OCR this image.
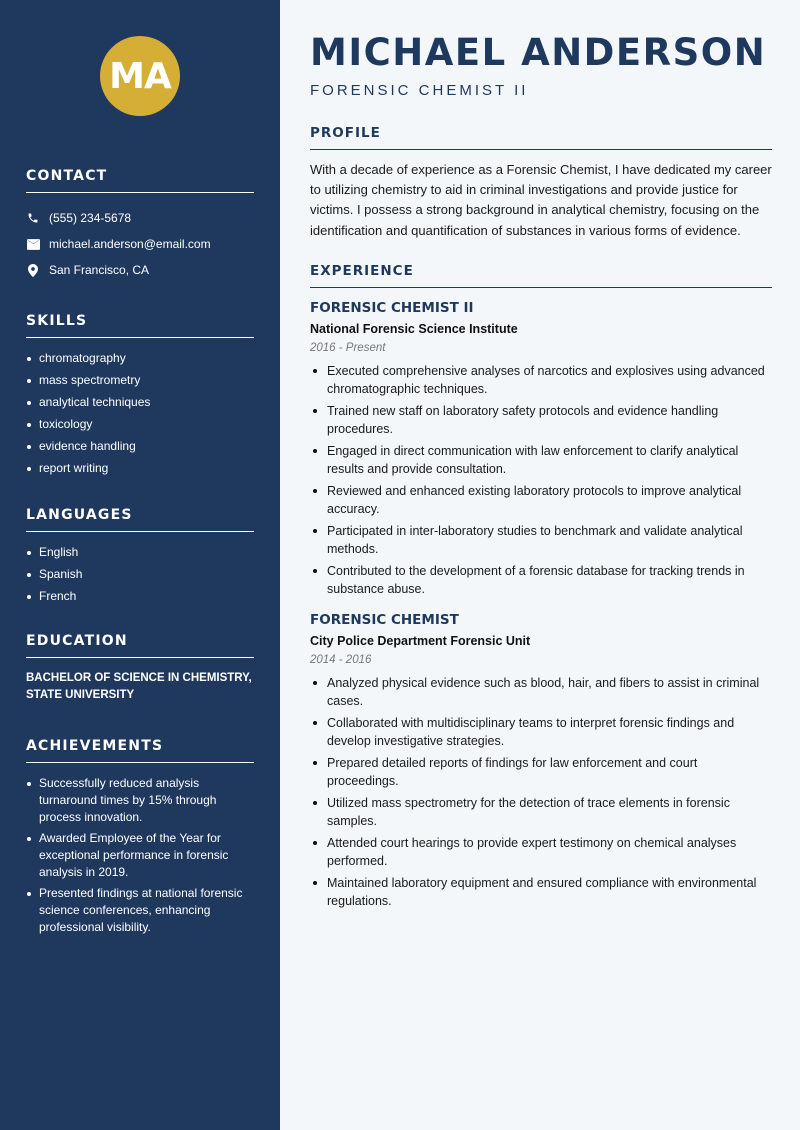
MA
CONTACT
(555) 234-5678
michael.anderson@email.com
San Francisco, CA
SKILLS
chromatography
mass spectrometry
analytical techniques
toxicology
evidence handling
report writing
LANGUAGES
English
Spanish
French
EDUCATION
BACHELOR OF SCIENCE IN CHEMISTRY, STATE UNIVERSITY
ACHIEVEMENTS
Successfully reduced analysis turnaround times by 15% through process innovation.
Awarded Employee of the Year for exceptional performance in forensic analysis in 2019.
Presented findings at national forensic science conferences, enhancing professional visibility.
MICHAEL ANDERSON
FORENSIC CHEMIST II
PROFILE

With a decade of experience as a Forensic Chemist, I have dedicated my career to utilizing chemistry to aid in criminal investigations and provide justice for victims. I possess a strong background in analytical chemistry, focusing on the identification and quantification of substances in various forms of evidence.

EXPERIENCE
FORENSIC CHEMIST II
National Forensic Science Institute
2016 - Present
Executed comprehensive analyses of narcotics and explosives using advanced chromatographic techniques.
Trained new staff on laboratory safety protocols and evidence handling procedures.
Engaged in direct communication with law enforcement to clarify analytical results and provide consultation.
Reviewed and enhanced existing laboratory protocols to improve analytical accuracy.
Participated in inter-laboratory studies to benchmark and validate analytical methods.
Contributed to the development of a forensic database for tracking trends in substance abuse.
FORENSIC CHEMIST
City Police Department Forensic Unit
2014 - 2016
Analyzed physical evidence such as blood, hair, and fibers to assist in criminal cases.
Collaborated with multidisciplinary teams to interpret forensic findings and develop investigative strategies.
Prepared detailed reports of findings for law enforcement and court proceedings.
Utilized mass spectrometry for the detection of trace elements in forensic samples.
Attended court hearings to provide expert testimony on chemical analyses performed.
Maintained laboratory equipment and ensured compliance with environmental regulations.
